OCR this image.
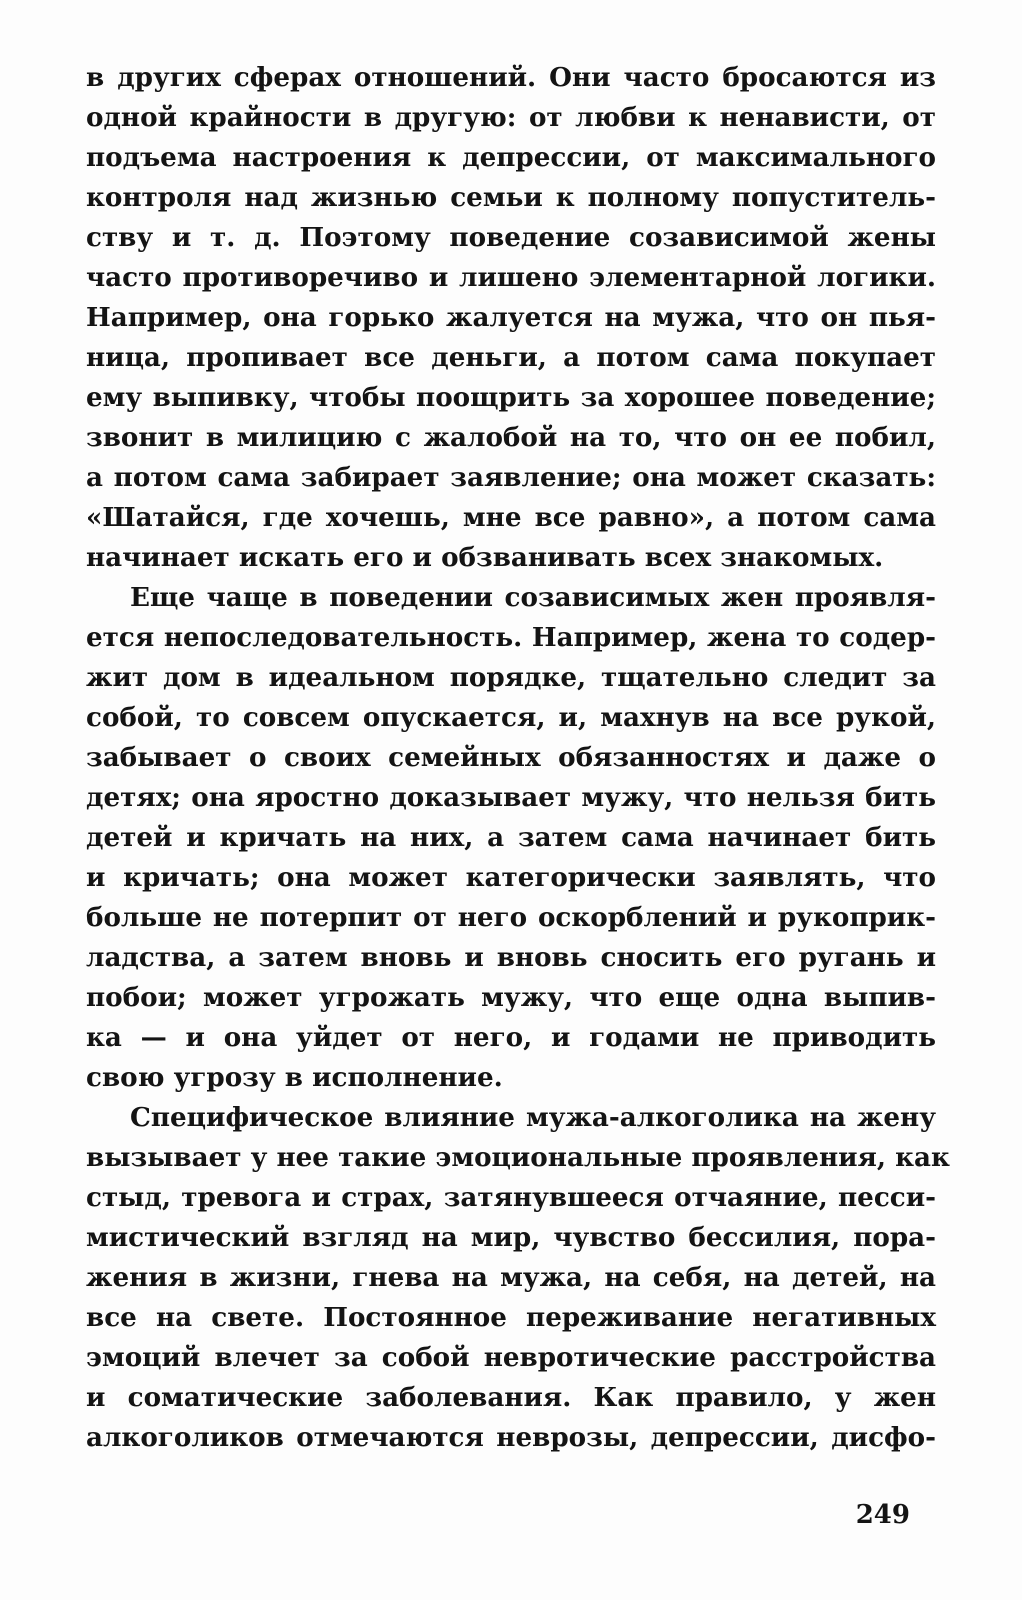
в других сферах отношений. Они часто бросаются из
одной крайности в другую: от любви к ненависти, от
подъема настроения к депрессии, от максимального
контроля над жизнью семьи к полному попуститель-
ству и т. д. Поэтому поведение созависимой жены
часто противоречиво и лишено элементарной логики.
Например, она горько жалуется на мужа, что он пья-
ница, пропивает все деньги, а потом сама покупает
ему выпивку, чтобы поощрить за хорошее поведение;
звонит в милицию с жалобой на то, что он ее побил,
а потом сама забирает заявление; она может сказать:
«Шатайся, где хочешь, мне все равно», а потом сама
начинает искать его и обзванивать всех знакомых.
Еще чаще в поведении созависимых жен проявля-
ется непоследовательность. Например, жена то содер-
жит дом в идеальном порядке, тщательно следит за
собой, то совсем опускается, и, махнув на все рукой,
забывает о своих семейных обязанностях и даже о
детях; она яростно доказывает мужу, что нельзя бить
детей и кричать на них, а затем сама начинает бить
и кричать; она может категорически заявлять, что
больше не потерпит от него оскорблений и рукоприк-
ладства, а затем вновь и вновь сносить его ругань и
побои; может угрожать мужу, что еще одна выпив-
ка — и она уйдет от него, и годами не приводить
свою угрозу в исполнение.
Специфическое влияние мужа-алкоголика на жену
вызывает у нее такие эмоциональные проявления, как
стыд, тревога и страх, затянувшееся отчаяние, песси-
мистический взгляд на мир, чувство бессилия, пора-
жения в жизни, гнева на мужа, на себя, на детей, на
все на свете. Постоянное переживание негативных
эмоций влечет за собой невротические расстройства
и соматические заболевания. Как правило, у жен
алкоголиков отмечаются неврозы, депрессии, дисфо-
249
